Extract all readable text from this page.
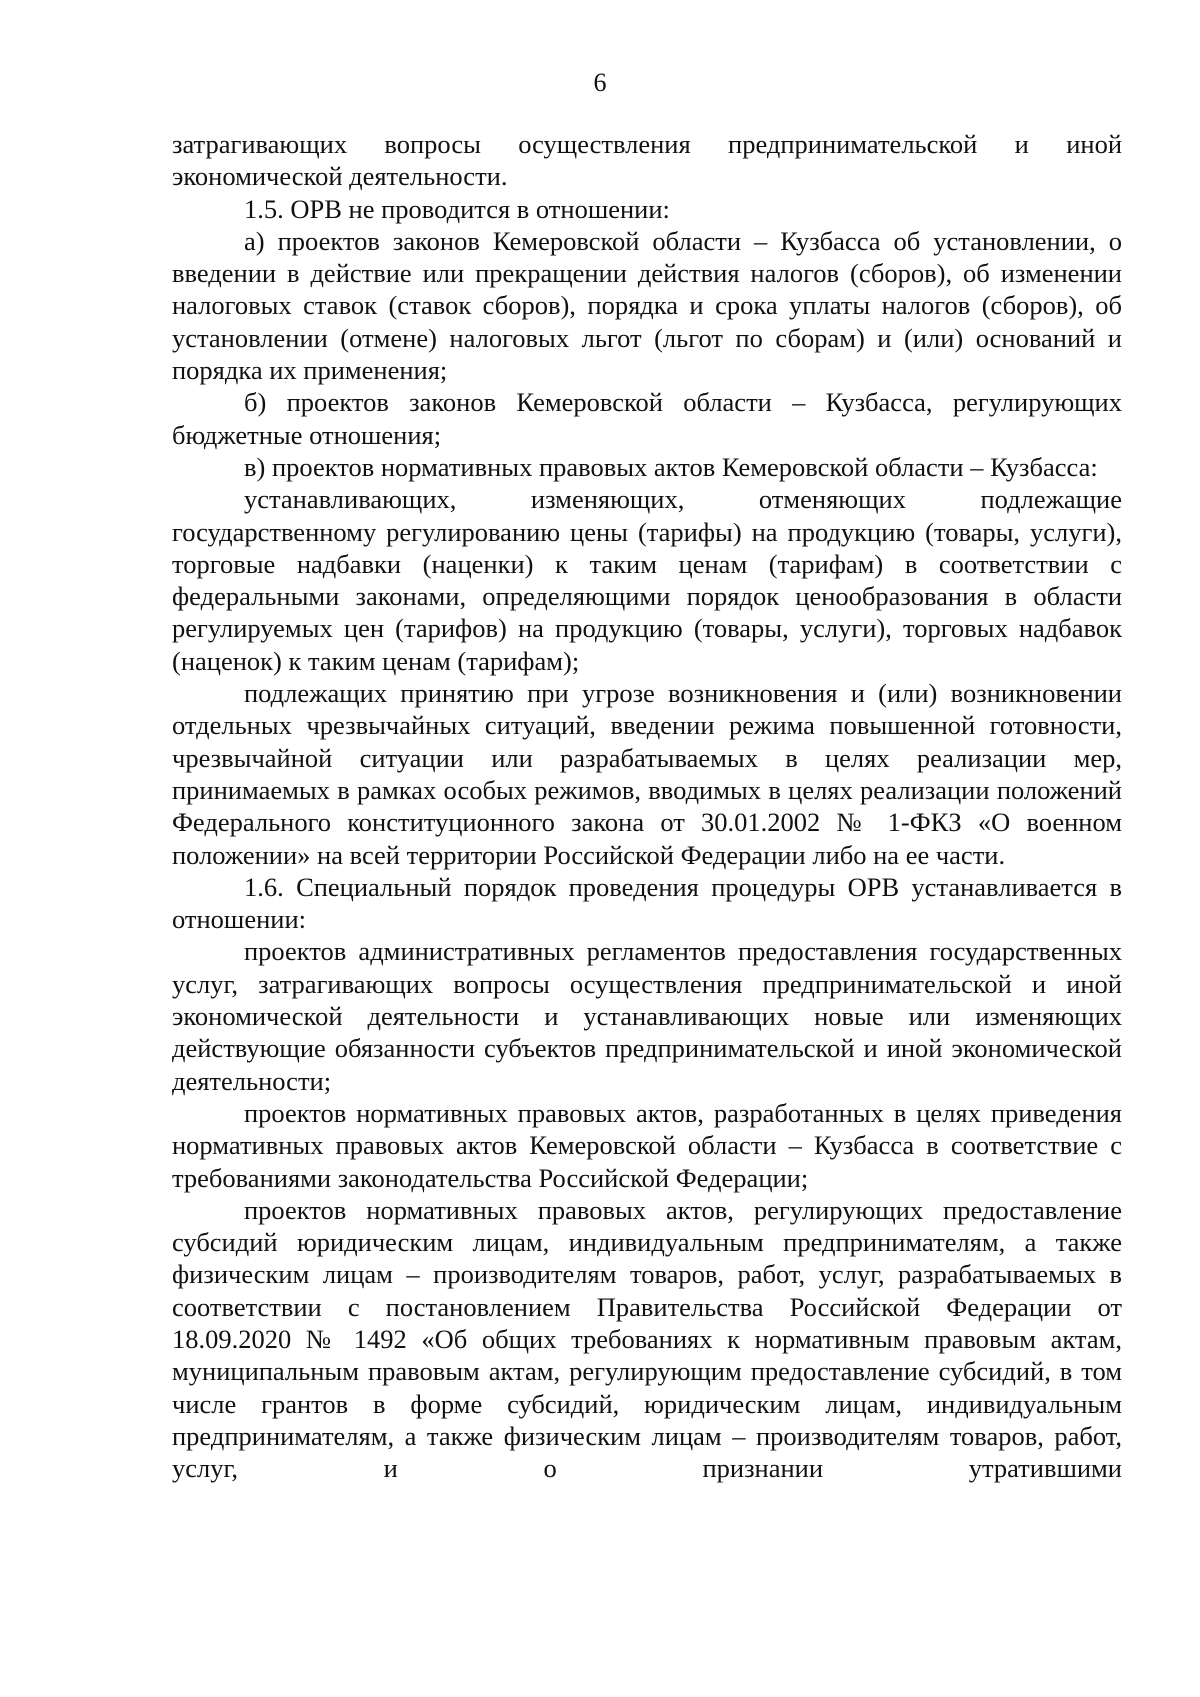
6

затрагивающих вопросы осуществления предпринимательской и иной экономической деятельности.

1.5. ОРВ не проводится в отношении:

а) проектов законов Кемеровской области – Кузбасса об установлении, о введении в действие или прекращении действия налогов (сборов), об изменении налоговых ставок (ставок сборов), порядка и срока уплаты налогов (сборов), об установлении (отмене) налоговых льгот (льгот по сборам) и (или) оснований и порядка их применения;

б) проектов законов Кемеровской области – Кузбасса, регулирующих бюджетные отношения;

в) проектов нормативных правовых актов Кемеровской области – Кузбасса:

устанавливающих, изменяющих, отменяющих подлежащие государственному регулированию цены (тарифы) на продукцию (товары, услуги), торговые надбавки (наценки) к таким ценам (тарифам) в соответствии с федеральными законами, определяющими порядок ценообразования в области регулируемых цен (тарифов) на продукцию (товары, услуги), торговых надбавок (наценок) к таким ценам (тарифам);

подлежащих принятию при угрозе возникновения и (или) возникновении отдельных чрезвычайных ситуаций, введении режима повышенной готовности, чрезвычайной ситуации или разрабатываемых в целях реализации мер, принимаемых в рамках особых режимов, вводимых в целях реализации положений Федерального конституционного закона от 30.01.2002 № 1-ФКЗ «О военном положении» на всей территории Российской Федерации либо на ее части.

1.6. Специальный порядок проведения процедуры ОРВ устанавливается в отношении:

проектов административных регламентов предоставления государственных услуг, затрагивающих вопросы осуществления предпринимательской и иной экономической деятельности и устанавливающих новые или изменяющих действующие обязанности субъектов предпринимательской и иной экономической деятельности;

проектов нормативных правовых актов, разработанных в целях приведения нормативных правовых актов Кемеровской области – Кузбасса в соответствие с требованиями законодательства Российской Федерации;

проектов нормативных правовых актов, регулирующих предоставление субсидий юридическим лицам, индивидуальным предпринимателям, а также физическим лицам – производителям товаров, работ, услуг, разрабатываемых в соответствии с постановлением Правительства Российской Федерации от 18.09.2020 № 1492 «Об общих требованиях к нормативным правовым актам, муниципальным правовым актам, регулирующим предоставление субсидий, в том числе грантов в форме субсидий, юридическим лицам, индивидуальным предпринимателям, а также физическим лицам – производителям товаров, работ, услуг, и о признании утратившими
